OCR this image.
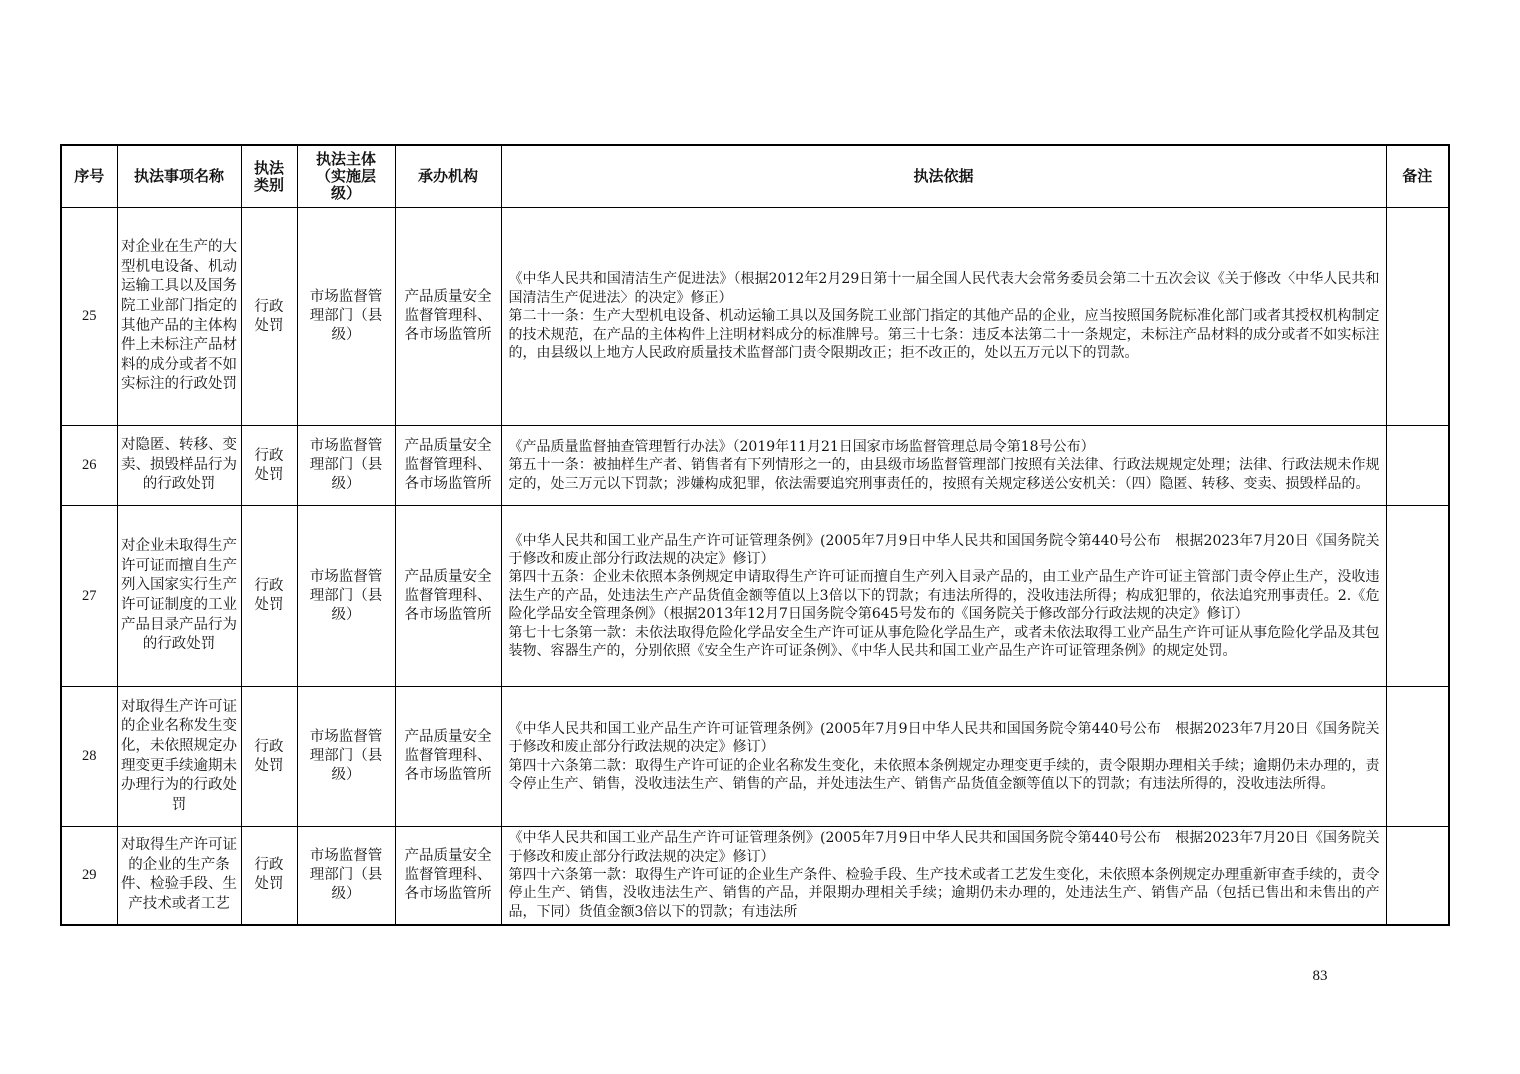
序号	执法事项名称	执法类别	执法主体（实施层级）	承办机构	执法依据	备注
25	对企业在生产的大型机电设备、机动运输工具以及国务院工业部门指定的其他产品的主体构件上未标注产品材料的成分或者不如实标注的行政处罚	行政处罚	市场监督管理部门（县级）	产品质量安全监督管理科、各市场监管所	《中华人民共和国清洁生产促进法》（根据2012年2月29日第十一届全国人民代表大会常务委员会第二十五次会议《关于修改〈中华人民共和国清洁生产促进法〉的决定》修正）
第二十一条：生产大型机电设备、机动运输工具以及国务院工业部门指定的其他产品的企业，应当按照国务院标准化部门或者其授权机构制定的技术规范，在产品的主体构件上注明材料成分的标准牌号。第三十七条：违反本法第二十一条规定，未标注产品材料的成分或者不如实标注的，由县级以上地方人民政府质量技术监督部门责令限期改正；拒不改正的，处以五万元以下的罚款。	

26	对隐匿、转移、变卖、损毁样品行为的行政处罚	行政处罚	市场监督管理部门（县级）	产品质量安全监督管理科、各市场监管所	《产品质量监督抽查管理暂行办法》（2019年11月21日国家市场监督管理总局令第18号公布）
第五十一条：被抽样生产者、销售者有下列情形之一的，由县级市场监督管理部门按照有关法律、行政法规规定处理；法律、行政法规未作规定的，处三万元以下罚款；涉嫌构成犯罪，依法需要追究刑事责任的，按照有关规定移送公安机关：（四）隐匿、转移、变卖、损毁样品的。	

27	对企业未取得生产许可证而擅自生产列入国家实行生产许可证制度的工业产品目录产品行为的行政处罚	行政处罚	市场监督管理部门（县级）	产品质量安全监督管理科、各市场监管所	《中华人民共和国工业产品生产许可证管理条例》(2005年7月9日中华人民共和国国务院令第440号公布　根据2023年7月20日《国务院关于修改和废止部分行政法规的决定》修订）
第四十五条：企业未依照本条例规定申请取得生产许可证而擅自生产列入目录产品的，由工业产品生产许可证主管部门责令停止生产，没收违法生产的产品，处违法生产产品货值金额等值以上3倍以下的罚款；有违法所得的，没收违法所得；构成犯罪的，依法追究刑事责任。2.《危险化学品安全管理条例》（根据2013年12月7日国务院令第645号发布的《国务院关于修改部分行政法规的决定》修订）
第七十七条第一款：未依法取得危险化学品安全生产许可证从事危险化学品生产，或者未依法取得工业产品生产许可证从事危险化学品及其包装物、容器生产的，分别依照《安全生产许可证条例》、《中华人民共和国工业产品生产许可证管理条例》的规定处罚。	

28	对取得生产许可证的企业名称发生变化，未依照规定办理变更手续逾期未办理行为的行政处罚	行政处罚	市场监督管理部门（县级）	产品质量安全监督管理科、各市场监管所	《中华人民共和国工业产品生产许可证管理条例》(2005年7月9日中华人民共和国国务院令第440号公布　根据2023年7月20日《国务院关于修改和废止部分行政法规的决定》修订）
第四十六条第二款：取得生产许可证的企业名称发生变化，未依照本条例规定办理变更手续的，责令限期办理相关手续；逾期仍未办理的，责令停止生产、销售，没收违法生产、销售的产品，并处违法生产、销售产品货值金额等值以下的罚款；有违法所得的，没收违法所得。	

29	对取得生产许可证的企业的生产条件、检验手段、生产技术或者工艺	行政处罚	市场监督管理部门（县级）	产品质量安全监督管理科、各市场监管所	《中华人民共和国工业产品生产许可证管理条例》(2005年7月9日中华人民共和国国务院令第440号公布　根据2023年7月20日《国务院关于修改和废止部分行政法规的决定》修订）
第四十六条第一款：取得生产许可证的企业生产条件、检验手段、生产技术或者工艺发生变化，未依照本条例规定办理重新审查手续的，责令停止生产、销售，没收违法生产、销售的产品，并限期办理相关手续；逾期仍未办理的，处违法生产、销售产品（包括已售出和未售出的产品，下同）货值金额3倍以下的罚款；有违法所	

83
